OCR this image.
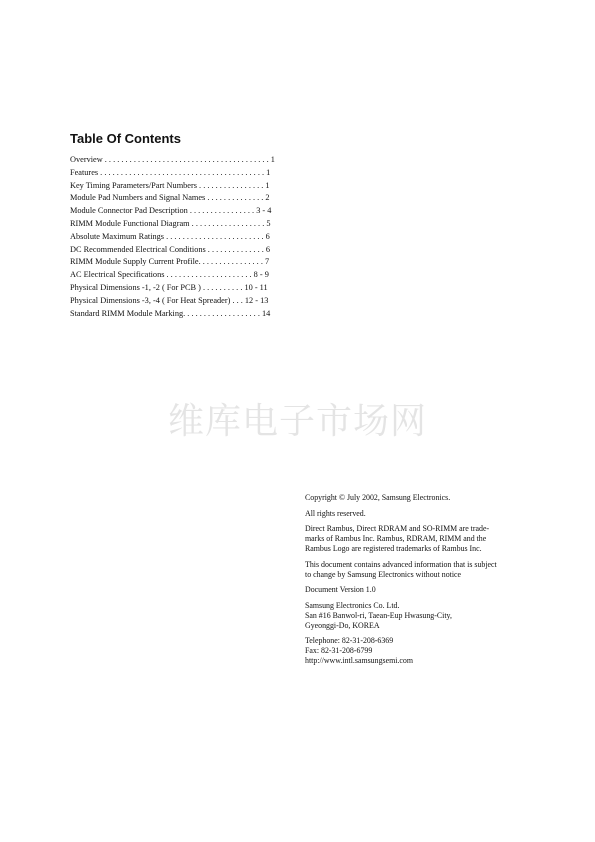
Table Of Contents
Overview . . . . . . . . . . . . . . . . . . . . . . . . . . . . . . . . . . . . . . . . 1
Features . . . . . . . . . . . . . . . . . . . . . . . . . . . . . . . . . . . . . . . . 1
Key Timing Parameters/Part Numbers . . . . . . . . . . . . . . . . 1
Module Pad Numbers and Signal Names . . . . . . . . . . . . . . 2
Module Connector Pad Description . . . . . . . . . . . . . . . . 3 - 4
RIMM Module Functional Diagram . . . . . . . . . . . . . . . . . . 5
Absolute Maximum Ratings . . . . . . . . . . . . . . . . . . . . . . . . 6
DC Recommended Electrical Conditions . . . . . . . . . . . . . . 6
RIMM Module Supply Current Profile. . . . . . . . . . . . . . . . 7
AC Electrical Specifications . . . . . . . . . . . . . . . . . . . . . 8 - 9
Physical Dimensions -1, -2 ( For PCB ) . . . . . . . . . . 10 - 11
Physical Dimensions -3, -4 ( For Heat Spreader) . . . 12 - 13
Standard RIMM Module Marking. . . . . . . . . . . . . . . . . . . 14
维库电子市场网

Copyright © July 2002, Samsung Electronics.

All rights reserved.

Direct Rambus, Direct RDRAM and SO-RIMM are trade-
marks of Rambus Inc. Rambus, RDRAM, RIMM and the
Rambus Logo are registered trademarks of Rambus Inc.

This document contains advanced information that is subject
to change by Samsung Electronics without notice

Document Version 1.0

Samsung Electronics Co. Ltd.
San #16 Banwol-ri, Taean-Eup Hwasung-City,
Gyeonggi-Do, KOREA

Telephone: 82-31-208-6369
Fax: 82-31-208-6799
http://www.intl.samsungsemi.com
